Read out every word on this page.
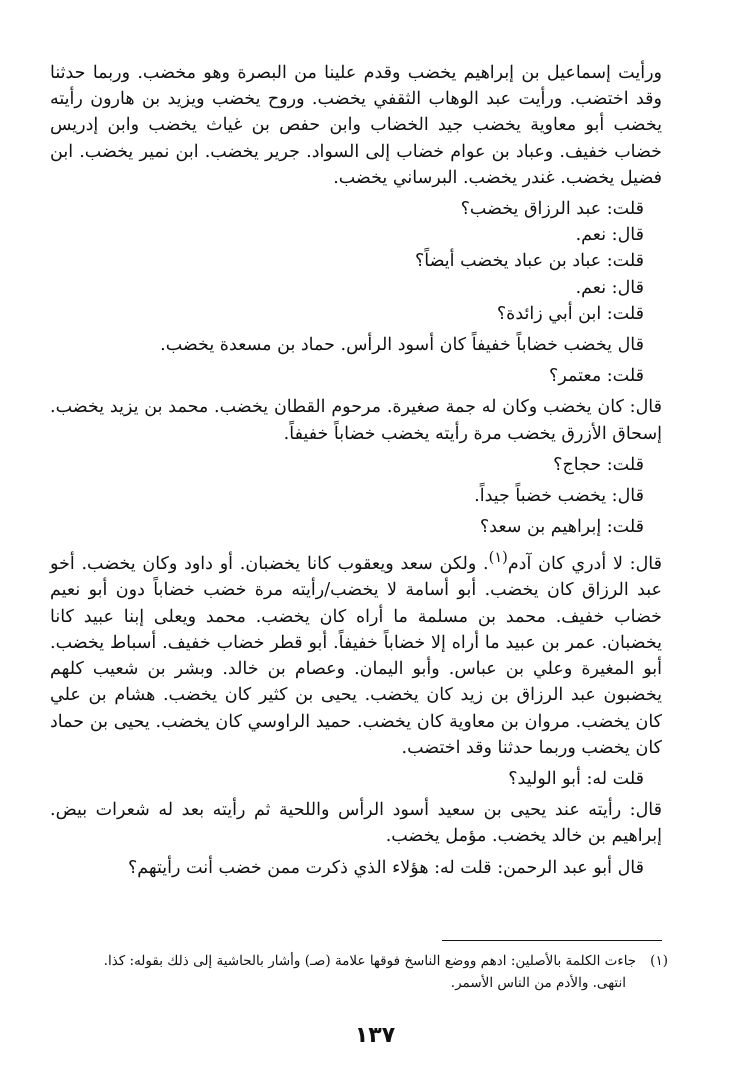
ورأيت إسماعيل بن إبراهيم يخضب وقدم علينا من البصرة وهو مخضب. وربما حدثنا وقد اختضب. ورأيت عبد الوهاب الثقفي يخضب. وروح يخضب ويزيد بن هارون رأيته يخضب أبو معاوية يخضب جيد الخضاب وابن حفص بن غياث يخضب وابن إدريس خضاب خفيف. وعباد بن عوام خضاب إلى السواد. جرير يخضب. ابن نمير يخضب. ابن فضيل يخضب. غندر يخضب. البرساني يخضب.

قلت: عبد الرزاق يخضب؟

قال: نعم.

قلت: عباد بن عباد يخضب أيضاً؟

قال: نعم.

قلت: ابن أبي زائدة؟

قال يخضب خضاباً خفيفاً كان أسود الرأس. حماد بن مسعدة يخضب.

قلت: معتمر؟

قال: كان يخضب وكان له جمة صغيرة. مرحوم القطان يخضب. محمد بن يزيد يخضب. إسحاق الأزرق يخضب مرة رأيته يخضب خضاباً خفيفاً.

قلت: حجاج؟

قال: يخضب خضباً جيداً.

قلت: إبراهيم بن سعد؟

قال: لا أدري كان آدم$^{(١)}$. ولكن سعد ويعقوب كانا يخضبان. أو داود وكان يخضب. أخو عبد الرزاق كان يخضب. أبو أسامة لا يخضب/رأيته مرة خضب خضاباً دون أبو نعيم خضاب خفيف. محمد بن مسلمة ما أراه كان يخضب. محمد ويعلى إبنا عبيد كانا يخضبان. عمر بن عبيد ما أراه إلا خضاباً خفيفاً. أبو قطر خضاب خفيف. أسباط يخضب. أبو المغيرة وعلي بن عباس. وأبو اليمان. وعصام بن خالد. وبشر بن شعيب كلهم يخضبون عبد الرزاق بن زيد كان يخضب. يحيى بن كثير كان يخضب. هشام بن علي كان يخضب. مروان بن معاوية كان يخضب. حميد الراوسي كان يخضب. يحيى بن حماد كان يخضب وربما حدثنا وقد اختضب.

قلت له: أبو الوليد؟

قال: رأيته عند يحيى بن سعيد أسود الرأس واللحية ثم رأيته بعد له شعرات بيض. إبراهيم بن خالد يخضب. مؤمل يخضب.

قال أبو عبد الرحمن: قلت له: هؤلاء الذي ذكرت ممن خضب أنت رأيتهم؟

(١)جاءت الكلمة بالأصلين: ادهم ووضع الناسخ فوقها علامة (صـ) وأشار بالحاشية إلى ذلك بقوله: كذا.
انتهى. والأدم من الناس الأسمر.
١٣٧
